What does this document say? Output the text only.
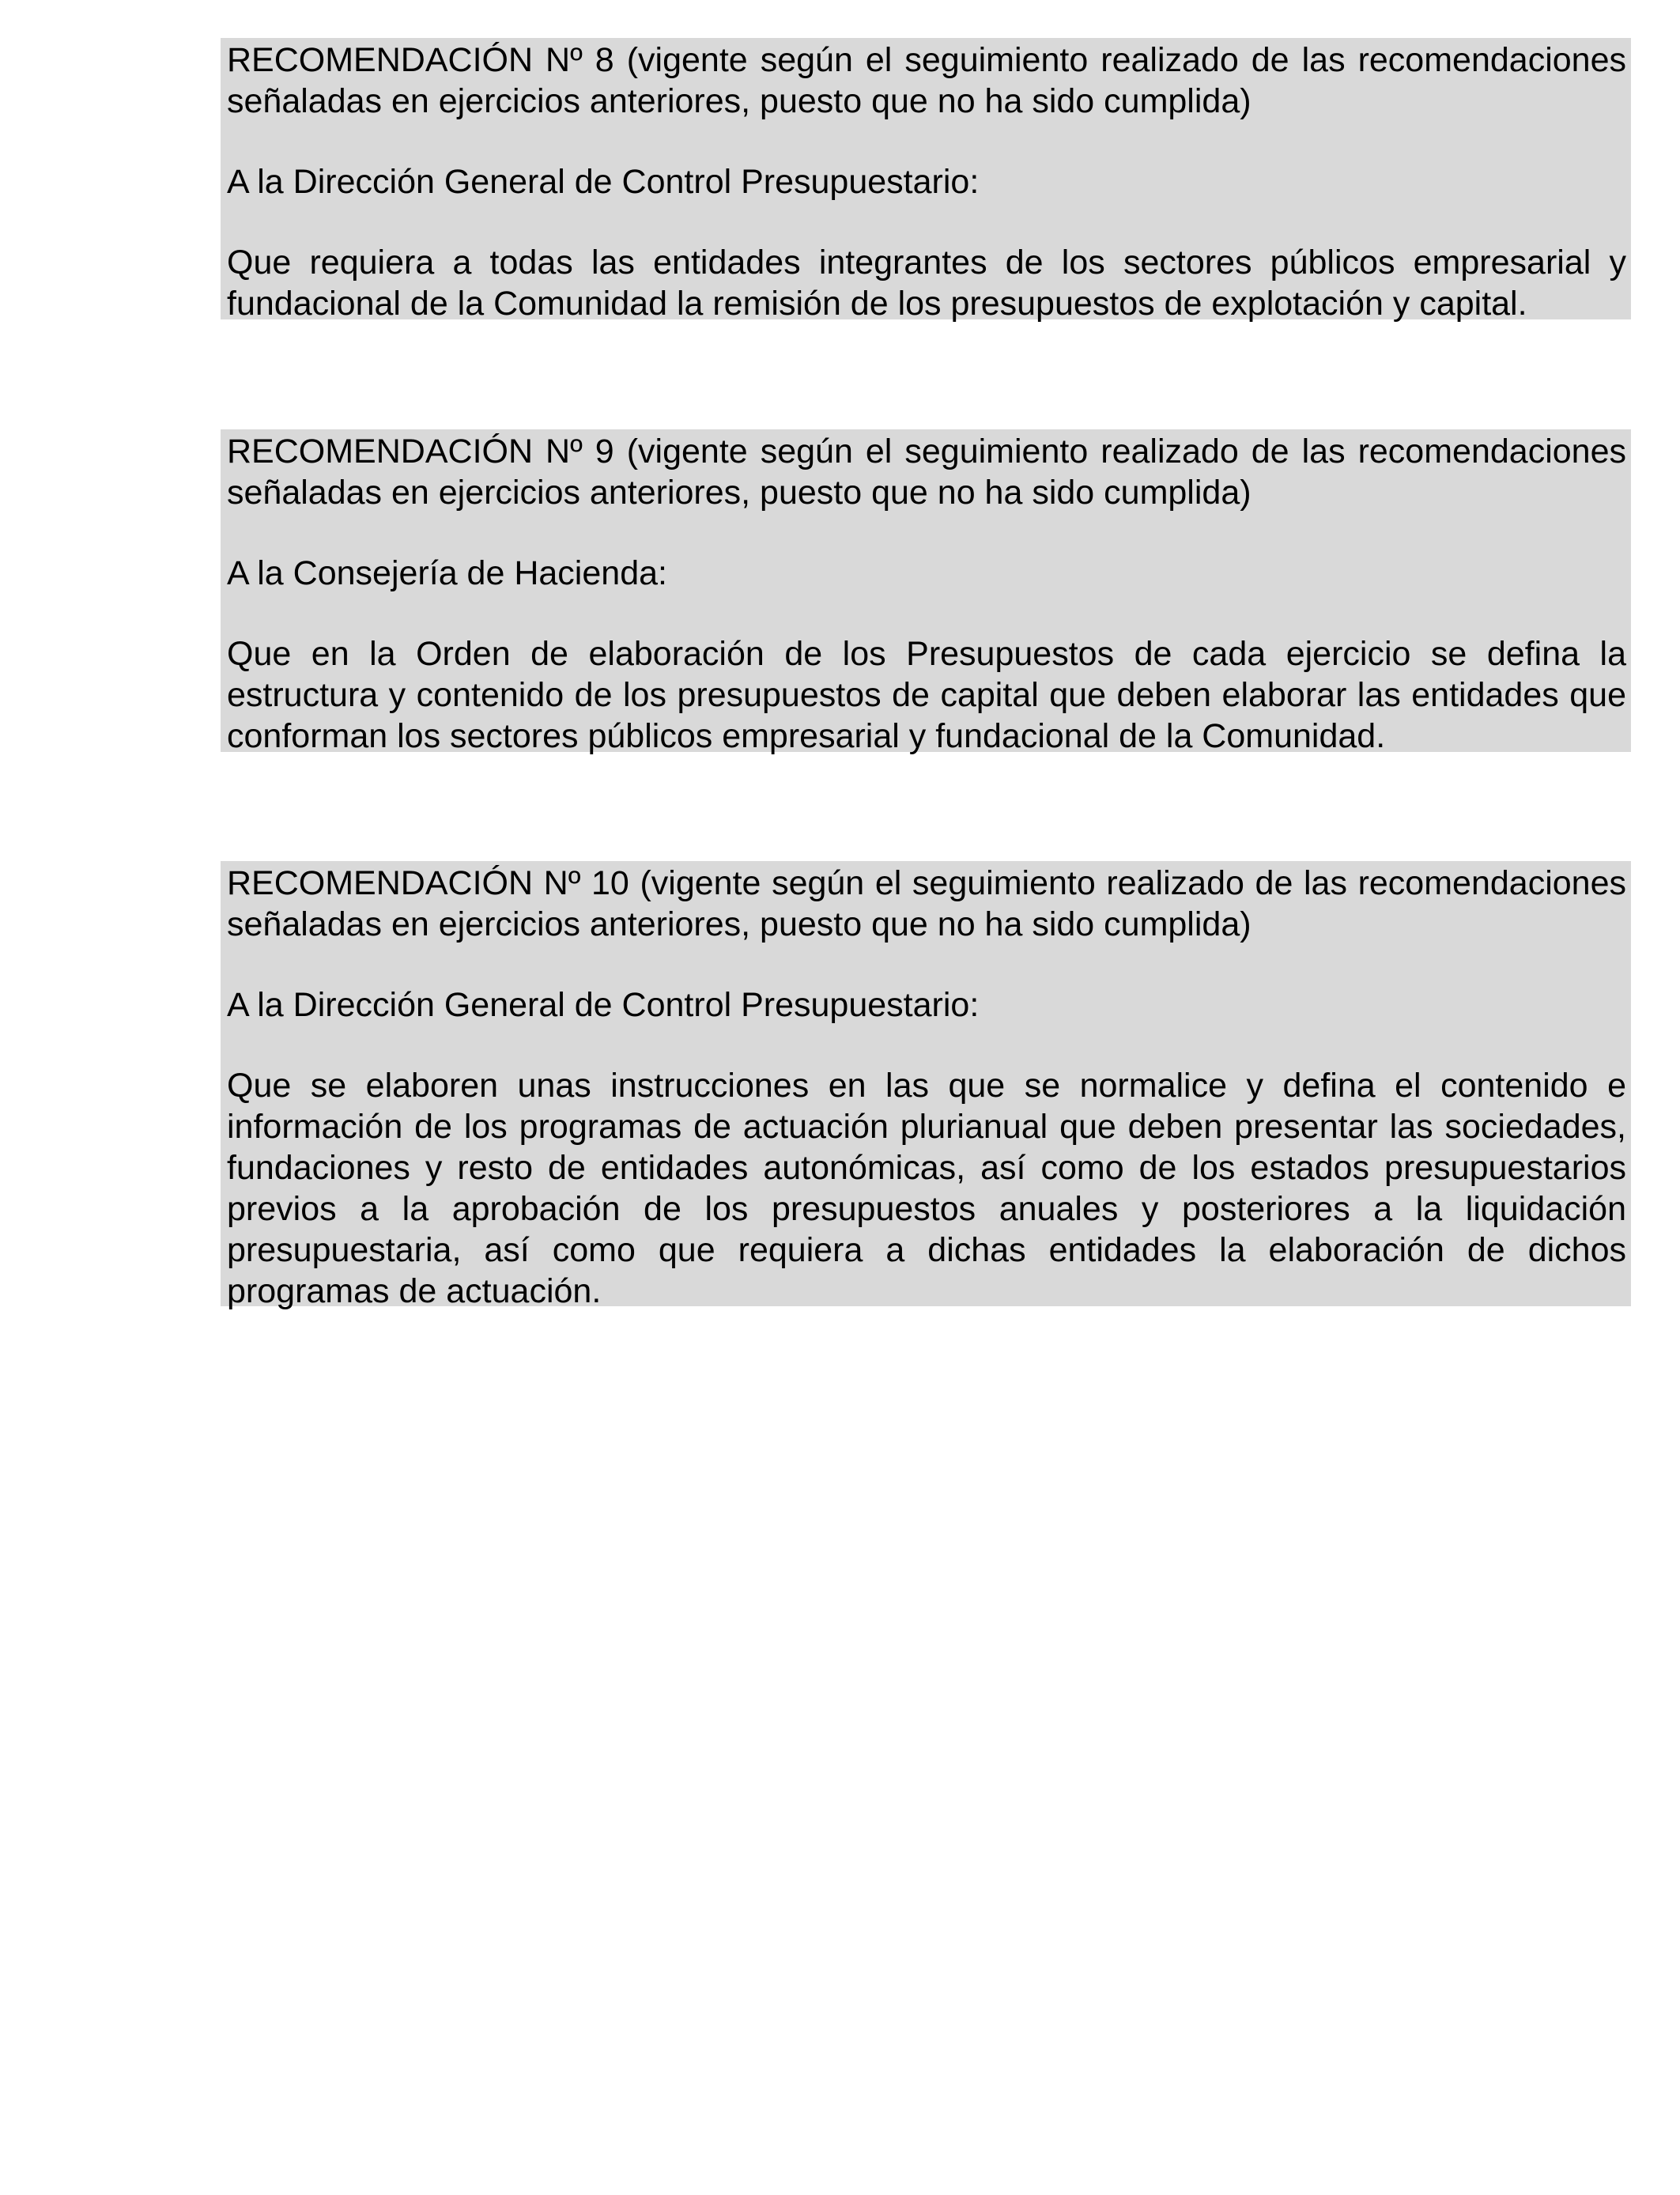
RECOMENDACIÓN Nº 8 (vigente según el seguimiento realizado de las recomendaciones señaladas en ejercicios anteriores, puesto que no ha sido cumplida)

A la Dirección General de Control Presupuestario:

Que requiera a todas las entidades integrantes de los sectores públicos empresarial y fundacional de la Comunidad la remisión de los presupuestos de explotación y capital.

RECOMENDACIÓN Nº 9 (vigente según el seguimiento realizado de las recomendaciones señaladas en ejercicios anteriores, puesto que no ha sido cumplida)

A la Consejería de Hacienda:

Que en la Orden de elaboración de los Presupuestos de cada ejercicio se defina la estructura y contenido de los presupuestos de capital que deben elaborar las entidades que conforman los sectores públicos empresarial y fundacional de la Comunidad.

RECOMENDACIÓN Nº 10 (vigente según el seguimiento realizado de las recomendaciones señaladas en ejercicios anteriores, puesto que no ha sido cumplida)

A la Dirección General de Control Presupuestario:

Que se elaboren unas instrucciones en las que se normalice y defina el contenido e información de los programas de actuación plurianual que deben presentar las sociedades, fundaciones y resto de entidades autonómicas, así como de los estados presupuestarios previos a la aprobación de los presupuestos anuales y posteriores a la liquidación presupuestaria, así como que requiera a dichas entidades la elaboración de dichos programas de actuación.
